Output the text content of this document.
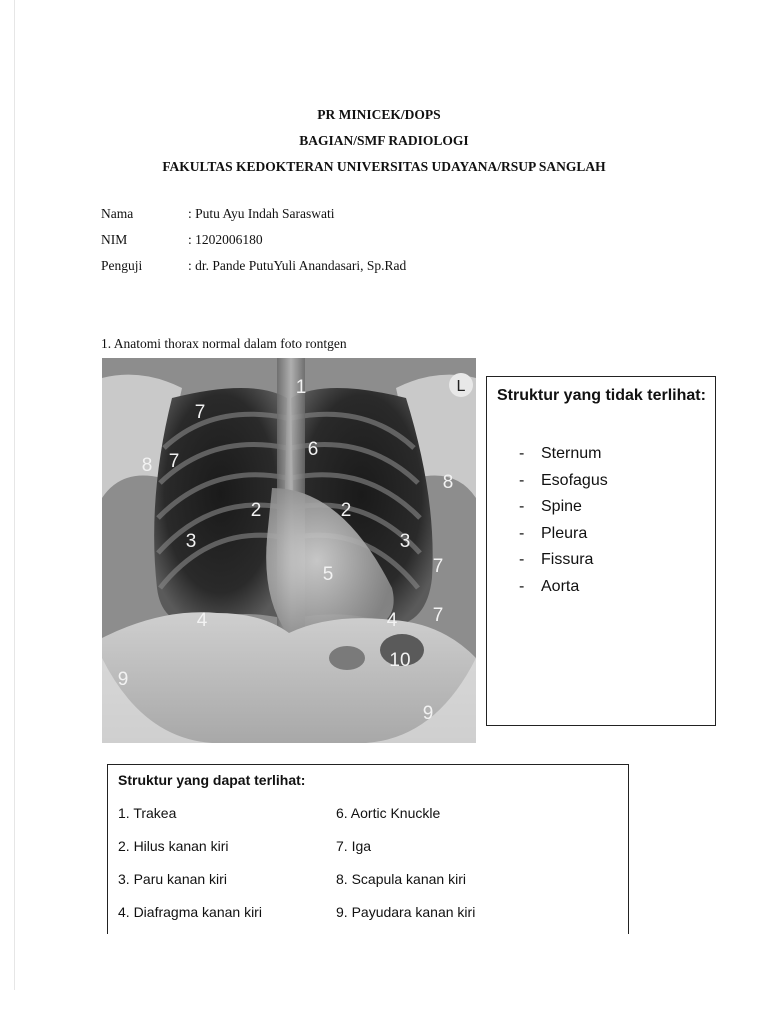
PR MINICEK/DOPS
BAGIAN/SMF RADIOLOGI
FAKULTAS KEDOKTERAN UNIVERSITAS UDAYANA/RSUP SANGLAH
Nama	: Putu Ayu Indah Saraswati
NIM	: 1202006180
Penguji	: dr. Pande PutuYuli Anandasari, Sp.Rad
1. Anatomi thorax normal dalam foto rontgen
L
1
7
8 7
6
8
2	2
3	3
7
5
4	4 7
10
9
9
Struktur yang tidak terlihat:
-	Sternum
-	Esofagus
-	Spine
-	Pleura
-	Fissura
-	Aorta
Struktur yang dapat terlihat:
1. Trakea
2. Hilus kanan kiri
3. Paru kanan kiri
4. Diafragma kanan kiri
6. Aortic Knuckle
7. Iga
8. Scapula kanan kiri
9. Payudara kanan kiri
